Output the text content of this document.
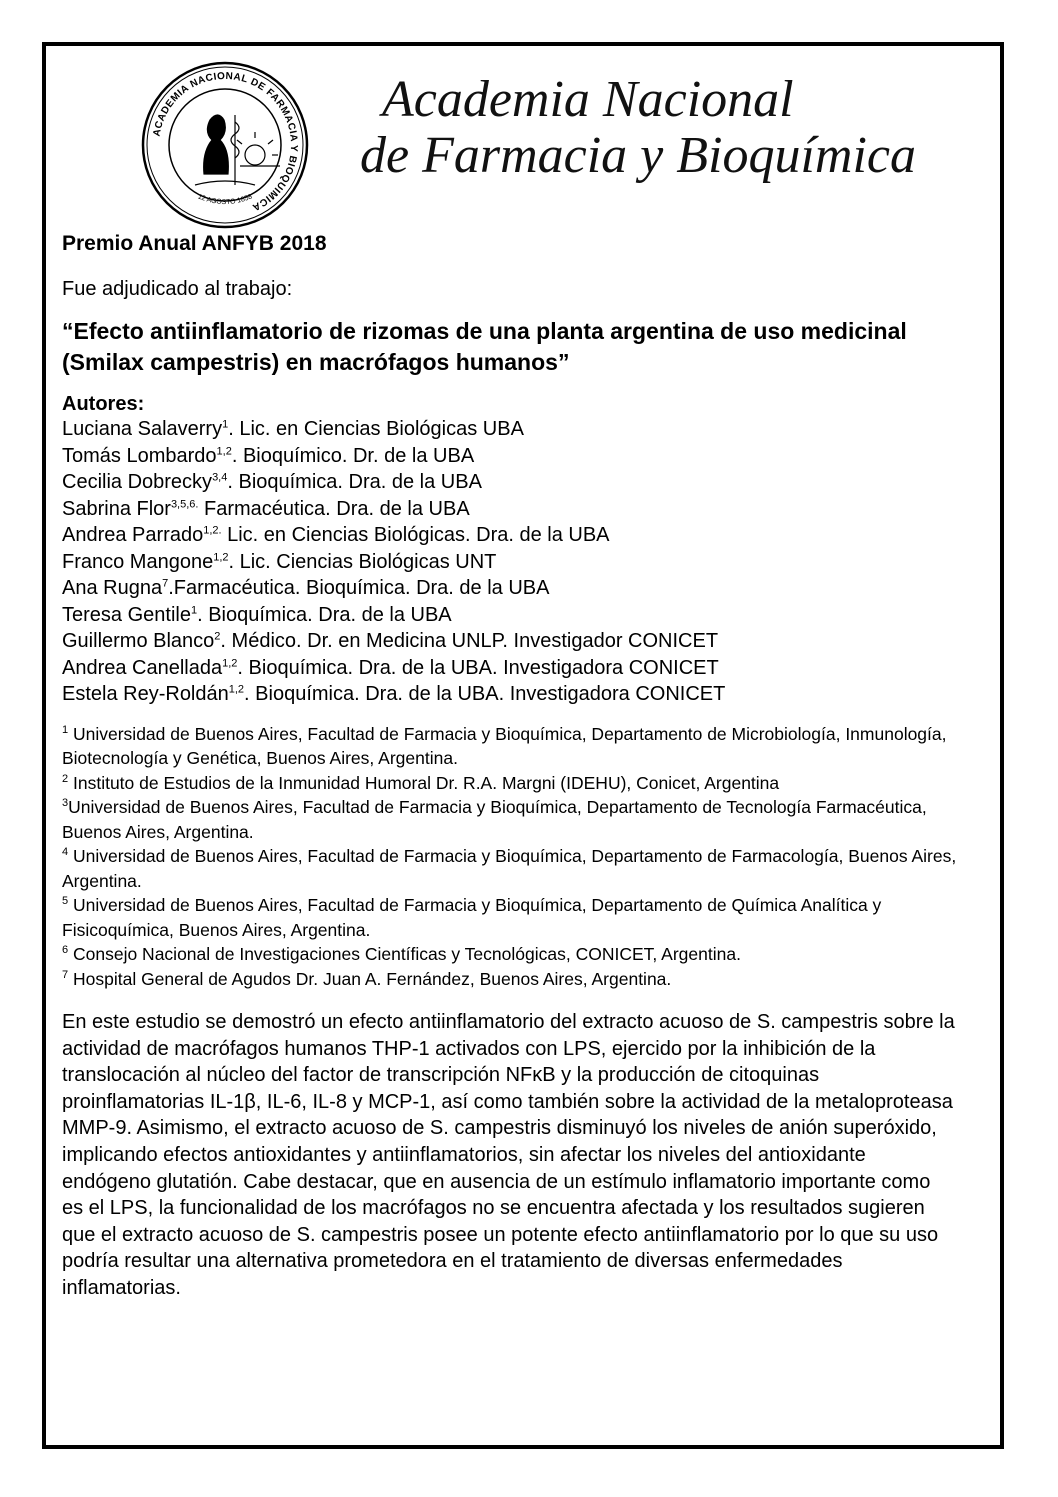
ACADEMIA NACIONAL DE FARMACIA Y BIOQUIMICA
12 AGOSTO 1858
Academia Nacional
de Farmacia y Bioquímica

Premio Anual ANFYB 2018

Fue adjudicado al trabajo:

“Efecto antiinflamatorio de rizomas de una planta argentina de uso medicinal (Smilax campestris) en macrófagos humanos”

Autores:

Luciana Salaverry$^1$. Lic. en Ciencias Biológicas UBA
Tomás Lombardo$^{1,2}$. Bioquímico. Dr. de la UBA
Cecilia Dobrecky$^{3,4}$. Bioquímica. Dra. de la UBA
Sabrina Flor$^{3,5,6.}$ Farmacéutica. Dra. de la UBA
Andrea Parrado$^{1,2.}$ Lic. en Ciencias Biológicas. Dra. de la UBA
Franco Mangone$^{1,2}$. Lic. Ciencias Biológicas UNT
Ana Rugna$^7$.Farmacéutica. Bioquímica. Dra. de la UBA
Teresa Gentile$^1$. Bioquímica. Dra. de la UBA
Guillermo Blanco$^2$. Médico. Dr. en Medicina UNLP. Investigador CONICET
Andrea Canellada$^{1,2}$. Bioquímica. Dra. de la UBA. Investigadora CONICET
Estela Rey-Roldán$^{1,2}$. Bioquímica. Dra. de la UBA. Investigadora CONICET
$^1$ Universidad de Buenos Aires, Facultad de Farmacia y Bioquímica, Departamento de Microbiología, Inmunología, Biotecnología y Genética, Buenos Aires, Argentina.
$^2$ Instituto de Estudios de la Inmunidad Humoral Dr. R.A. Margni (IDEHU), Conicet, Argentina
$^3$Universidad de Buenos Aires, Facultad de Farmacia y Bioquímica, Departamento de Tecnología Farmacéutica, Buenos Aires, Argentina.
$^4$ Universidad de Buenos Aires, Facultad de Farmacia y Bioquímica, Departamento de Farmacología, Buenos Aires, Argentina.
$^5$ Universidad de Buenos Aires, Facultad de Farmacia y Bioquímica, Departamento de Química Analítica y Fisicoquímica, Buenos Aires, Argentina.
$^6$ Consejo Nacional de Investigaciones Científicas y Tecnológicas, CONICET, Argentina.
$^7$ Hospital General de Agudos Dr. Juan A. Fernández, Buenos Aires, Argentina.

En este estudio se demostró un efecto antiinflamatorio del extracto acuoso de S. campestris sobre la actividad de macrófagos humanos THP-1 activados con LPS, ejercido por la inhibición de la translocación al núcleo del factor de transcripción NFκB y la producción de citoquinas proinflamatorias IL-1β, IL-6, IL-8 y MCP-1, así como también sobre la actividad de la metaloproteasa MMP-9. Asimismo, el extracto acuoso de S. campestris disminuyó los niveles de anión superóxido, implicando efectos antioxidantes y antiinflamatorios, sin afectar los niveles del antioxidante endógeno glutatión. Cabe destacar, que en ausencia de un estímulo inflamatorio importante como es el LPS, la funcionalidad de los macrófagos no se encuentra afectada y los resultados sugieren que el extracto acuoso de S. campestris posee un potente efecto antiinflamatorio por lo que su uso podría resultar una alternativa prometedora en el tratamiento de diversas enfermedades inflamatorias.
